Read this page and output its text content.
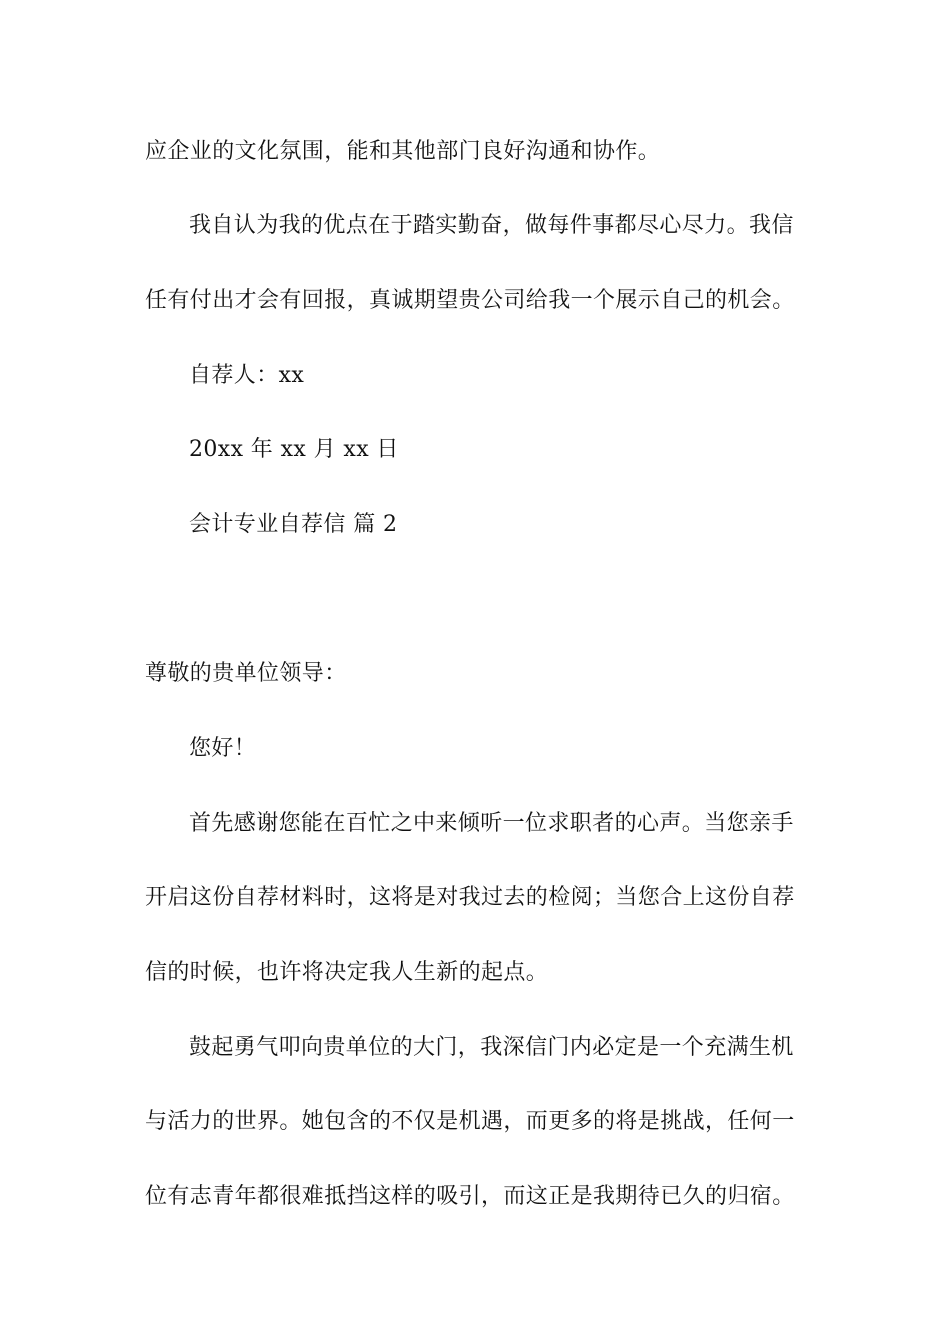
应企业的文化氛围，能和其他部门良好沟通和协作。
我自认为我的优点在于踏实勤奋，做每件事都尽心尽力。我信
任有付出才会有回报，真诚期望贵公司给我一个展示自己的机会。
自荐人：xx
20xx 年 xx 月 xx 日
会计专业自荐信 篇 2
尊敬的贵单位领导：
您好！
首先感谢您能在百忙之中来倾听一位求职者的心声。当您亲手
开启这份自荐材料时，这将是对我过去的检阅；当您合上这份自荐
信的时候，也许将决定我人生新的起点。
鼓起勇气叩向贵单位的大门，我深信门内必定是一个充满生机
与活力的世界。她包含的不仅是机遇，而更多的将是挑战，任何一
位有志青年都很难抵挡这样的吸引，而这正是我期待已久的归宿。
